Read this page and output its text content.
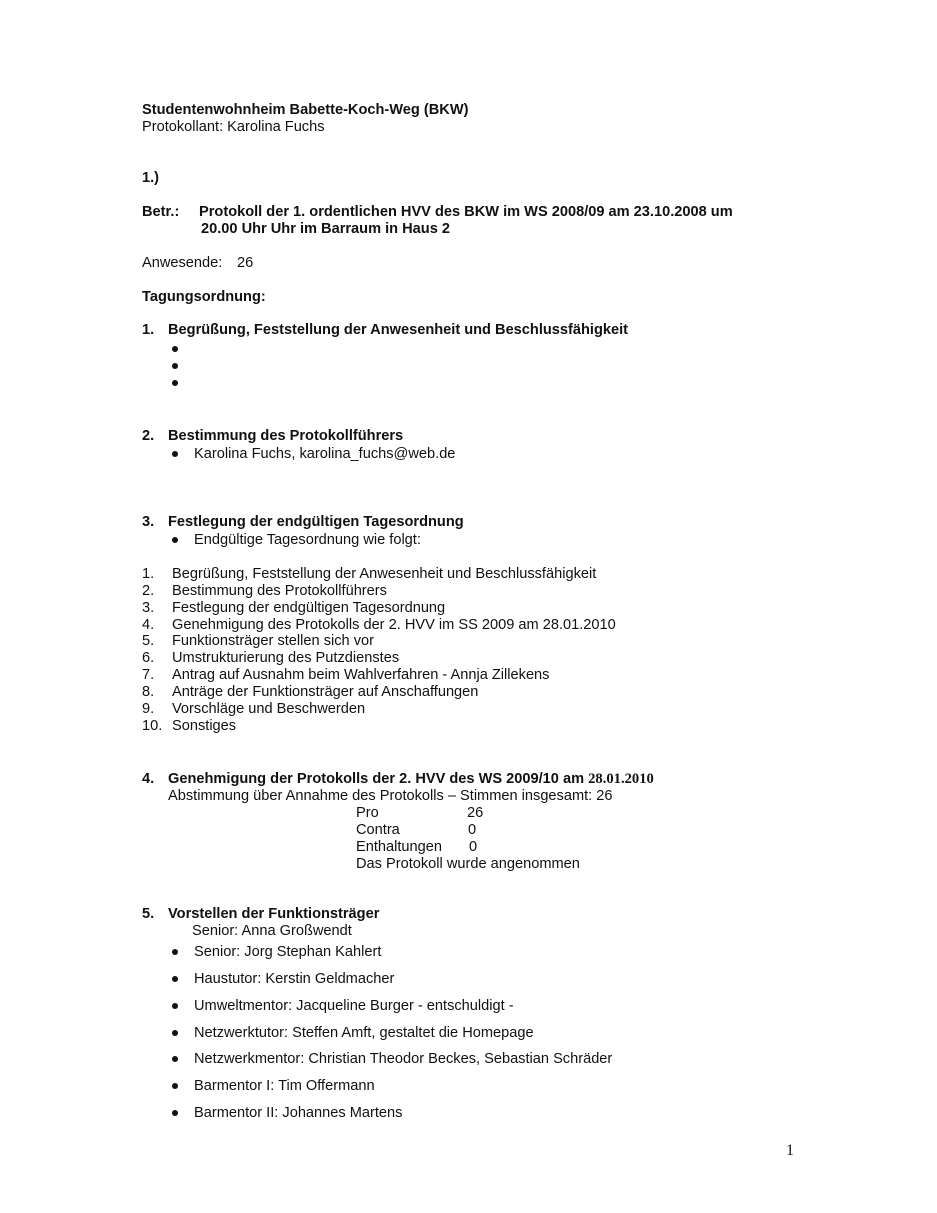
Studentenwohnheim Babette-Koch-Weg (BKW)
Protokollant: Karolina Fuchs
1.)
Betr.: Protokoll der 1. ordentlichen HVV des BKW im WS 2008/09 am 23.10.2008 um
20.00 Uhr Uhr im Barraum in Haus 2
Anwesende: 26
Tagungsordnung:
1. Begrüßung, Feststellung der Anwesenheit und Beschlussfähigkeit
2. Bestimmung des Protokollführers
Karolina Fuchs, karolina_fuchs@web.de
3. Festlegung der endgültigen Tagesordnung
Endgültige Tagesordnung wie folgt:
1. Begrüßung, Feststellung der Anwesenheit und Beschlussfähigkeit
2. Bestimmung des Protokollführers
3. Festlegung der endgültigen Tagesordnung
4. Genehmigung des Protokolls der 2. HVV im SS 2009 am 28.01.2010
5. Funktionsträger stellen sich vor
6. Umstrukturierung des Putzdienstes
7. Antrag auf Ausnahm beim Wahlverfahren - Annja Zillekens
8. Anträge der Funktionsträger auf Anschaffungen
9. Vorschläge und Beschwerden
10. Sonstiges
4. Genehmigung der Protokolls der 2. HVV des WS 2009/10 am 28.01.2010
Abstimmung über Annahme des Protokolls – Stimmen insgesamt: 26
Pro	26
Contra	0
Enthaltungen 0
Das Protokoll wurde angenommen
5. Vorstellen der Funktionsträger
Senior: Anna Großwendt
Senior: Jorg Stephan Kahlert
Haustutor: Kerstin Geldmacher
Umweltmentor: Jacqueline Burger - entschuldigt -
Netzwerktutor: Steffen Amft, gestaltet die Homepage
Netzwerkmentor: Christian Theodor Beckes, Sebastian Schräder
Barmentor I: Tim Offermann
Barmentor II: Johannes Martens
1
